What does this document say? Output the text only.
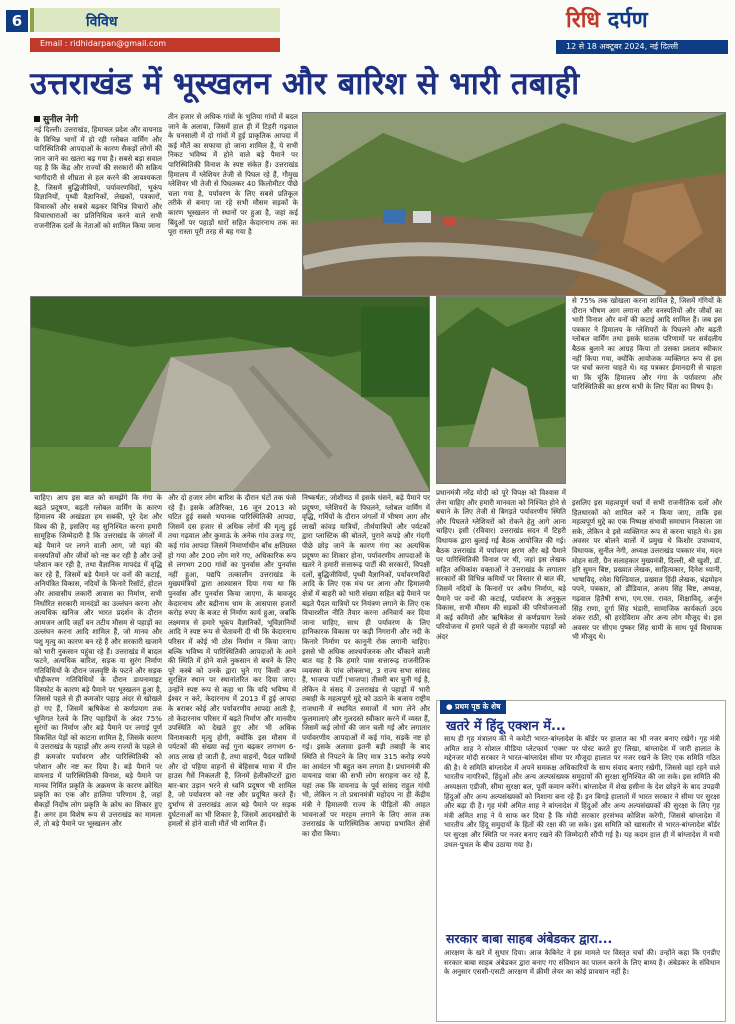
6	विविध
Email : ridhidarpan@gmail.com
रिधि दर्पण
12 से 18 अक्टूबर 2024, नई दिल्ली
उत्तराखंड में भूस्खलन और बारिश से भारी तबाही
सुनील नेगी
नई दिल्ली। उत्तराखंड, हिमाचल प्रदेश और वायनाड के विभिन्न भागों में हो रही ग्लोबल वार्मिंग और पारिस्थितिकी आपदाओं के कारण सैकड़ों लोगों की जान जाने का खतरा बढ़ गया है। सबसे बड़ा सवाल यह है कि केंद्र और राज्यों की सरकारों की सक्रिय भागीदारी से शीघ्रता से हल करने की आवश्यकता है, जिसमें बुद्धिजीवियों, पर्यावरणविदों, भूकंप विज्ञानियों, पृथ्वी वैज्ञानिकों, लेखकों, पत्रकारों, विचारकों और सबसे बढ़कर विभिन्न विचारों और विचारधाराओं का प्रतिनिधित्व करने वाले सभी राजनीतिक दलों के नेताओं को शामिल किया जाना
तीन हजार से अधिक गांवों के भुतिया गांवों में बदल जाने के अलावा, जिसमें हाल ही में टिहरी गढ़वाल के घनसाली में दो गांवों में हुई प्राकृतिक आपदा में कई मौतें का सफाया हो जाना शामिल है, ये सभी निकट भविष्य में होने वाले बड़े पैमाने पर पारिस्थितिकी विनाश के स्पष्ट संकेत हैं। उत्तराखंड हिमालय में ग्लेशियर तेजी से पिघल रहे हैं, गौमुख ग्लेशियर भी तेजी से पिघलकर 40 किलोमीटर पीछे चला गया है, पर्यावरण के लिए सबसे प्रतिकूल तरीके से बनाए जा रहे सभी मौसम सड़कों के कारण भूस्खलन नो स्थानों पर हुआ है, जहां कई बिंदुओं पर पहाड़ों धारों सहित केदारनाथ तक का पूरा रास्ता पूरी तरह से बह गया है
से 75% तक खोखला करना शामिल है, जिसमें गंगियों के दौरान भीषण आग लगाना और वनस्पतियों और जीवों का भारी विनाश और वनों की कटाई आदि शामिल हैं। जब इस पत्रकार ने हिमालय के ग्लेशियरों के पिघलने और बढ़ती ग्लोबल वार्मिंग तथा इसके घातक परिणामों पर सर्वदलीय बैठक बुलाने का आग्रह किया तो उसका प्रस्ताव स्वीकार नहीं किया गया, क्योंकि आयोजक व्यक्तिगत रूप से इस पर चर्चा करना चाहते थे। यह पत्रकार ईमानदारी से चाहता था कि चूंकि हिमालय और गंगा के पर्यावरण और पारिस्थितिकी का क्षरण सभी के लिए चिंता का विषय है।
चाहिए। आप इस बात को समझेंगे कि गंगा के बढ़ते प्रदूषण, बढ़ती ग्लोबल वार्मिंग के कारण हिमालय की अखंडता हम सबकी, पूरे देश और विश्व की है, इसलिए यह सुनिश्चित करना हमारी सामूहिक जिम्मेदारी है कि उत्तराखंड के जंगलों में बड़े पैमाने पर लगने वाली आग, जो यहां की वनस्पतियों और जीवों को नष्ट कर रही है और उन्हें परेशान कर रही है, तथा वैज्ञानिक मापदंड में वृद्धि कर रहे हैं, जिसमें बड़े पैमाने पर वनों की कटाई, अनियंत्रित विकास, नदियों के किनारे रिसॉर्ट, होटल और आवासीय लकारी आवास का निर्माण, सभी निर्धारित सरकारी मानदंडों का उल्लंघन करना और अत्यधिक खनिज और भारत प्रदर्शन के दौरान आमजन आदि जहाँ वन तटीय मौसम से पहाड़ों का उल्लंघन करना आदि शामिल हैं, जो मानव और पशु मृत्यु का कारण बन रहे हैं और सरकारी खजाने को भारी नुकसान पहुंचा रहे हैं। उत्तराखंड में बादल फटने, अत्यधिक बारिश, सड़क या सुरंग निर्माण गतिविधियों के दौरान जलवृष्टि के फटने और सड़क चौड़ीकरण गतिविधियों के दौरान डायनामाइट विस्फोट के कारण बड़े पैमाने पर भूस्खलन हुआ है, जिससे पहले से ही कमजोर पहाड़ अंदर से खोखले हो गए हैं, जिसमें ऋषिकेश से कर्णप्रयाग तक भूमिगत रेलवे के लिए पहाड़ियों के अंदर 75% सुरंगों का निर्माण और बड़े पैमाने पर लगाई पूर्ण विकसित पेड़ों को काटना शामिल है, जिसके कारण ये उत्तराखंड के पहाड़ों और अन्य राज्यों के पहले से ही कमजोर पर्यावरण और पारिस्थितिकी को परेशान और नष्ट कर दिया है। बड़े पैमाने पर वायनाड में पारिस्थितिकी विनाश, बड़े पैमाने पर मानव निर्मित प्रकृति के अक्रमण के कारण क्रोधित प्रकृति का एक और हालिया परिणाम है, जहां सैकड़ों निर्दोष लोग प्रकृति के क्रोध का शिकार हुए हैं। अगर हम विशेष रूप से उत्तराखंड का मामला लें, तो बड़े पैमाने पर भूस्खलन और
और दो हजार लोग बारिश के दौरान घंटों तक फंसे रहे हैं। इसके अतिरिक्त, 16 जून 2013 को घटित हुई सबसे भयानक पारिस्थितिकी आपदा, जिसमें दस हजार से अधिक लोगों की मृत्यु हुई तथा गढ़वाल और कुमाऊं के अनेक गांव उजड़ गए, कई गांव आपदा जिसमें निमार्णाधीन बाँध क्षतिग्रस्त हो गया और 200 लोग मारे गए, अधिकारिक रूप से लगभग 200 गांवों का पुनर्वास और पुनर्वास नहीं हुआ, यद्यपि तत्कालीन उत्तराखंड के मुख्यमंत्रियों द्वारा आश्वासन दिया गया था कि पुनर्वास और पुनर्वास किया जाएगा, के बावजूद केदारनाथ और बद्रीनाथ धाम के आसपास हजारों करोड़ रुपए के बजट से निर्माण कार्य हुआ, जबकि लक्ष्मणत्र से हमारे भूकंप वैज्ञानिकों, भूविज्ञानियों आदि ने स्पष्ट रूप से चेतावनी दी थी कि केदारनाथ परिसर में कोई भी ठोस निर्माण न किया जाए। बल्कि भविष्य में पारिस्थितिकी आपदाओं के आने की स्थिति में होने वाले नुकसान से बचने के लिए पूरे कस्बे को उनके द्वारा चुने गए किसी अन्य सुरक्षित स्थान पर स्थानांतरित कर दिया जाए। उन्होंने स्पष्ट रूप से कहा था कि यदि भविष्य में ईश्वर न करे, केदारनाथ में 2013 में हुई आपदा के बराबर कोई और पर्यावरणीय आपदा आती है, तो केदारनाथ परिसर में बढ़ते निर्माण और मानवीय उपस्थिति को देखते हुए और भी अधिक विनाशकारी मृत्यु होगी, क्योंकि इस मौसम में पर्यटकों की संख्या कई गुना बढ़कर लगभग 6-आठ लाख हो जाती है, तथा वाहनों, पैदल यात्रियों और दो पहिया वाहनों से बेहिसाब मात्रा में ग्रीन हाउस गैसें निकलती हैं, जिनमें हेलीकॉप्टरों द्वारा बार-बार उड़ान भरने से ध्वनि प्रदूषण भी शामिल है, जो पर्यावरण को नष्ट और प्रदूषित करते हैं। दुर्भाग्य से उत्तराखंड आज बड़े पैमाने पर सड़क दुर्घटनाओं का भी शिकार है, जिसमें आदमखोरों के हमलों से होने वाली मौतें भी शामिल हैं।
निष्कर्षतः, जोशीमठ में इसके धंसने, बढ़े पैमाने पर प्रदूषण, ग्लेशियरों के पिघलने, ग्लोबल वार्मिंग में वृद्धि, गर्मियों के दौरान जंगलों में भीषण आग और लाखों कांवड़ यात्रियों, तीर्थयात्रियों और पर्यटकों द्वारा प्लास्टिक की बोतलें, पुराने कपड़े और गंदगी पीछे छोड़ जाने के कारण गंगा का अत्यधिक प्रदूषण का शिकार होना, पर्यावरणीय आपदाओं के खतरे ने हमारी सत्तारूढ़ पार्टी की सरकारों, विपक्षी दलों, बुद्धिजीवियों, पृथ्वी वैज्ञानिकों, पर्यावरणविदों आदि के लिए एक मंच पर आना और हिमालयी क्षेत्रों में बाहरी को भारी संख्या सहित बड़े पैमाने पर बढ़ते पैदल यात्रियों पर नियंत्रण लगाने के लिए एक विचारशील नीति तैयार करना अनिवार्य कर दिया जाना चाहिए, साथ ही पर्यावरण के लिए हानिकारक विकास पर कड़ी निगरानी और नदी के किनारे निर्माण पर कानूनी रोक लगानी चाहिए। इससे भी अधिक आश्चर्यजनक और चौंकाने वाली बात यह है कि हमारे पास सत्तारूढ़ राजनीतिक व्यवस्था के पांच लोकसभा, 3 राज्य सभा सांसद हैं, भाजपा पार्टी (भाजपा) तीसरी बार चुनी गई है, लेकिन वे संसद में उत्तराखंड से पहाड़ों में भारी तबाही के महत्वपूर्ण मुद्दे को उठाने के बजाय राष्ट्रीय राजधानी में स्थायित समाजोंं में भाग लेने और फूलमालाएं और गुलदस्ते स्वीकार करने में व्यस्त हैं, जिसमें कई लोगों की जान चली गई और लगातार पर्यावरणीय आपदाओं में कई गांव, सड़कें नष्ट हो गई। इसके अलावा इतनी बड़ी तबाही के बाद स्थिति से निपटने के लिए मात्र 315 करोड़ रुपये का आवंटन भी बहुत कम लगता है। प्रधानमंत्री की वायनाड यात्रा की सभी लोग सराहना कर रहे हैं, यहां तक कि वायनाड के पूर्व सांसद राहुल गांधी भी, लेकिन न तो प्रधानमंत्री महोदय ना ही केंद्रीय मंत्री ने हिमालयी राज्य के पीड़ितों की आहत भावनाओं पर मरहम लगाने के लिए आज तक उत्तराखंड के पारिस्थितिक आपदा प्रभावित क्षेत्रों का दौरा किया।
प्रधानमंत्री नरेंद्र मोदी को पूरे विपक्ष को विश्वास में लेना चाहिए और हमारी मानवता को निश्चित होने से बचाने के लिए तेजी से बिगड़ते पर्यावरणीय स्थिति और पिघलते ग्लेशियरों को रोकने हेतु आगे आना चाहिए। इसी (रविवार) उत्तराखंड सदन में टिहरी विधायक द्वारा बुलाई गई बैठक आयोजित की गई। बैठक उत्तराखंड में पर्यावरण क्षरण और बड़े पैमाने पर पारिस्थितिकी विनाश पर थी, जहां इस लेखक सहित अधिकांश वक्ताओं ने उत्तराखंड के लगातार सरकारों की विभिन्न कमियों पर विस्तार से बात की, जिसमें नदियों के किनारों पर अवैध निर्माण, बड़े पैमाने पर वनों की कटाई, पर्यावरण के अनुकूल विकास, सभी मौसम की सड़कों की परियोजनाओं में कई कमियों और ऋषिकेश से कर्णप्रयाग रेलवे परियोजना में हमारे पहले से ही कमजोर पहाड़ों को अंदर
इसलिए इस महत्वपूर्ण चर्चा में सभी राजनीतिक दलों और हितधारकों को शामिल करें न किया जाए, ताकि इस महत्वपूर्ण मुद्दे का एक निष्पक्ष संभावी समाधान निकाला जा सके, लेकिन वे इसे व्यक्तिगत रूप से करना चाहते थे। इस अवसर पर बोलने वालों में प्रमुख थे किशोर उपाध्याय, विधायक, सुनील नेगी, अध्यक्ष उत्तराखंड पत्रकार मंच, मदन मोहन सती, ग्रैन सलाहकार मुख्यमंत्री, दिल्ली, श्री खुशी, डॉ. हरि सुमन बिष्ट, प्रख्यात लेखक, साहित्यकार, दिनेश ध्यानी, भाषाविद्, रमेश घिल्डियाल, प्रख्यात हिंदी लेखक, चंद्रमोहन पपने, पत्रकार, ओ डौंडियाल, अजय सिंह बिष्ट, अध्यक्ष, गढ़वाल हितैषी सभा, एम.एस. रावत, शिक्षाविद्, अर्जुन सिंह राणा, दुर्गा सिंह भंडारी, सामाजिक कार्यकर्ता उदय शंकर राठी, श्री हरदेविराम और अन्य लोग मौजूद थे। इस अवसर पर सीएम पुष्कर सिंह धामी के साथ पूर्व विधायक भी मौजूद थे।
● प्रथम पृष्ठ के शेष
खतरे में हिंदू एक्शन में...
साथ ही गृह मंत्रालय की ने कमेटी भारत-बांग्लादेश के बॉर्डर पर हालात का भी नजर बनाए रखेगे। गृह मंत्री अमित शाह ने सोशल मीडिया प्लेटफार्म 'एक्स' पर पोस्ट करते हुए लिखा, बांग्लादेश में जारी हालात के मद्देनजर मोदी सरकार ने भारत-बांग्लादेश सीमा पर मौजूदा हालात पर नजर रखने के लिए एक समिति गठित की है। ये समिति बांग्लादेश में अपने समकक्ष अधिकारियों के साथ संवाद बनाए रखेगी, जिससे वहां रहने वाले भारतीय नागरिकों, हिंदुओं और अन्य अल्पसंख्यक समुदायों की सुरक्षा सुनिश्चित की जा सके। इस समिति की अध्यक्षता एडीजी, सीमा सुरक्षा बल, पूर्वी कमान करेंगे। बांग्लादेश में शेख हसीना के देश छोड़ने के बाद उपद्रवी हिंदुओं और अन्य अल्पसंख्यकों को निशाना बना रहे हैं। इन बिगड़े हालातों में भारत सरकार ने सीमा पर सुरक्षा और बढ़ा दी है। गृह मंत्री अमित शाह ने बांग्लादेश में हिंदुओं और अन्य अल्पसंख्यकों की सुरक्षा के लिए गृह मंत्री अमित शाह ने ये साफ कर दिया है कि मोदी सरकार हरसंभव कोशिश करेगी, जिससे बांग्लादेश में भारतीय और हिंदू समुदायों के हितों की रक्षा की जा सके। इस समिति को खासतौर से भारत-बांग्लादेश बॉर्डर पर सुरक्षा और स्थिति पर नजर बनाए रखने की जिम्मेदारी सौंपी गई है। यह कदम हाल ही में बांग्लादेश में मची उथल-पुथल के बीच उठाया गया है।
सरकार बाबा साहब अंबेडकर द्वारा...
आरक्षण के खरे में सुधार दिया। आज कैबिनेट ने इस मामले पर विस्तृत चर्चा की। उन्होंने कहा कि एनडीए सरकार बाबा साहब अंबेडकर द्वारा बनाए गए संविधान का पालन करने के लिए बाध्य है। अंबेडकर के संविधान के अनुसार एससी-एसटी आरक्षण में क्रीमी लेयर का कोई प्रावधान नहीं है।
